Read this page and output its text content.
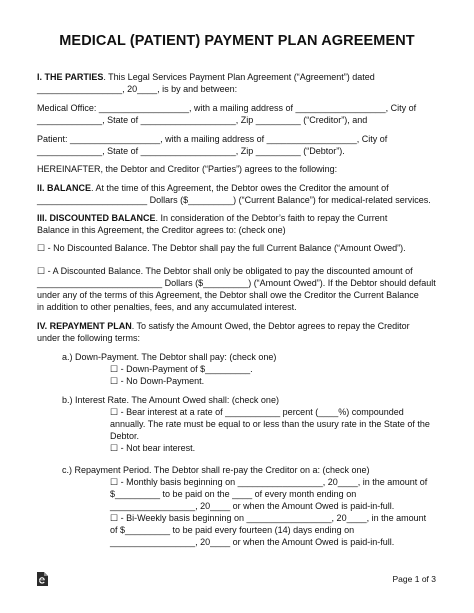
MEDICAL (PATIENT) PAYMENT PLAN AGREEMENT

I. THE PARTIES. This Legal Services Payment Plan Agreement (“Agreement”) dated

_________________, 20____, is by and between:

Medical Office: __________________, with a mailing address of __________________, City of

_____________, State of ___________________, Zip _________ (“Creditor”), and

Patient: __________________, with a mailing address of __________________, City of

_____________, State of ___________________, Zip _________ (“Debtor”).

HEREINAFTER, the Debtor and Creditor (“Parties”) agrees to the following:

II. BALANCE. At the time of this Agreement, the Debtor owes the Creditor the amount of

______________________ Dollars ($_________) (“Current Balance”) for medical-related services.

III. DISCOUNTED BALANCE. In consideration of the Debtor’s faith to repay the Current

Balance in this Agreement, the Creditor agrees to: (check one)

☐ - No Discounted Balance. The Debtor shall pay the full Current Balance (“Amount Owed”).

☐ - A Discounted Balance. The Debtor shall only be obligated to pay the discounted amount of

_________________________ Dollars ($_________) (“Amount Owed”). If the Debtor should default

under any of the terms of this Agreement, the Debtor shall owe the Creditor the Current Balance

in addition to other penalties, fees, and any accumulated interest.

IV. REPAYMENT PLAN. To satisfy the Amount Owed, the Debtor agrees to repay the Creditor

under the following terms:

a.) Down-Payment. The Debtor shall pay: (check one)

☐ - Down-Payment of $_________.

☐ - No Down-Payment.

b.) Interest Rate. The Amount Owed shall: (check one)

☐ - Bear interest at a rate of ___________ percent (____%) compounded

annually. The rate must be equal to or less than the usury rate in the State of the

Debtor.

☐ - Not bear interest.

c.) Repayment Period. The Debtor shall re-pay the Creditor on a: (check one)

☐ - Monthly basis beginning on _________________, 20____, in the amount of

$_________ to be paid on the ____ of every month ending on

_________________, 20____ or when the Amount Owed is paid-in-full.

☐ - Bi-Weekly basis beginning on _________________, 20____, in the amount

of $_________ to be paid every fourteen (14) days ending on

_________________, 20____ or when the Amount Owed is paid-in-full.

Page 1 of 3
